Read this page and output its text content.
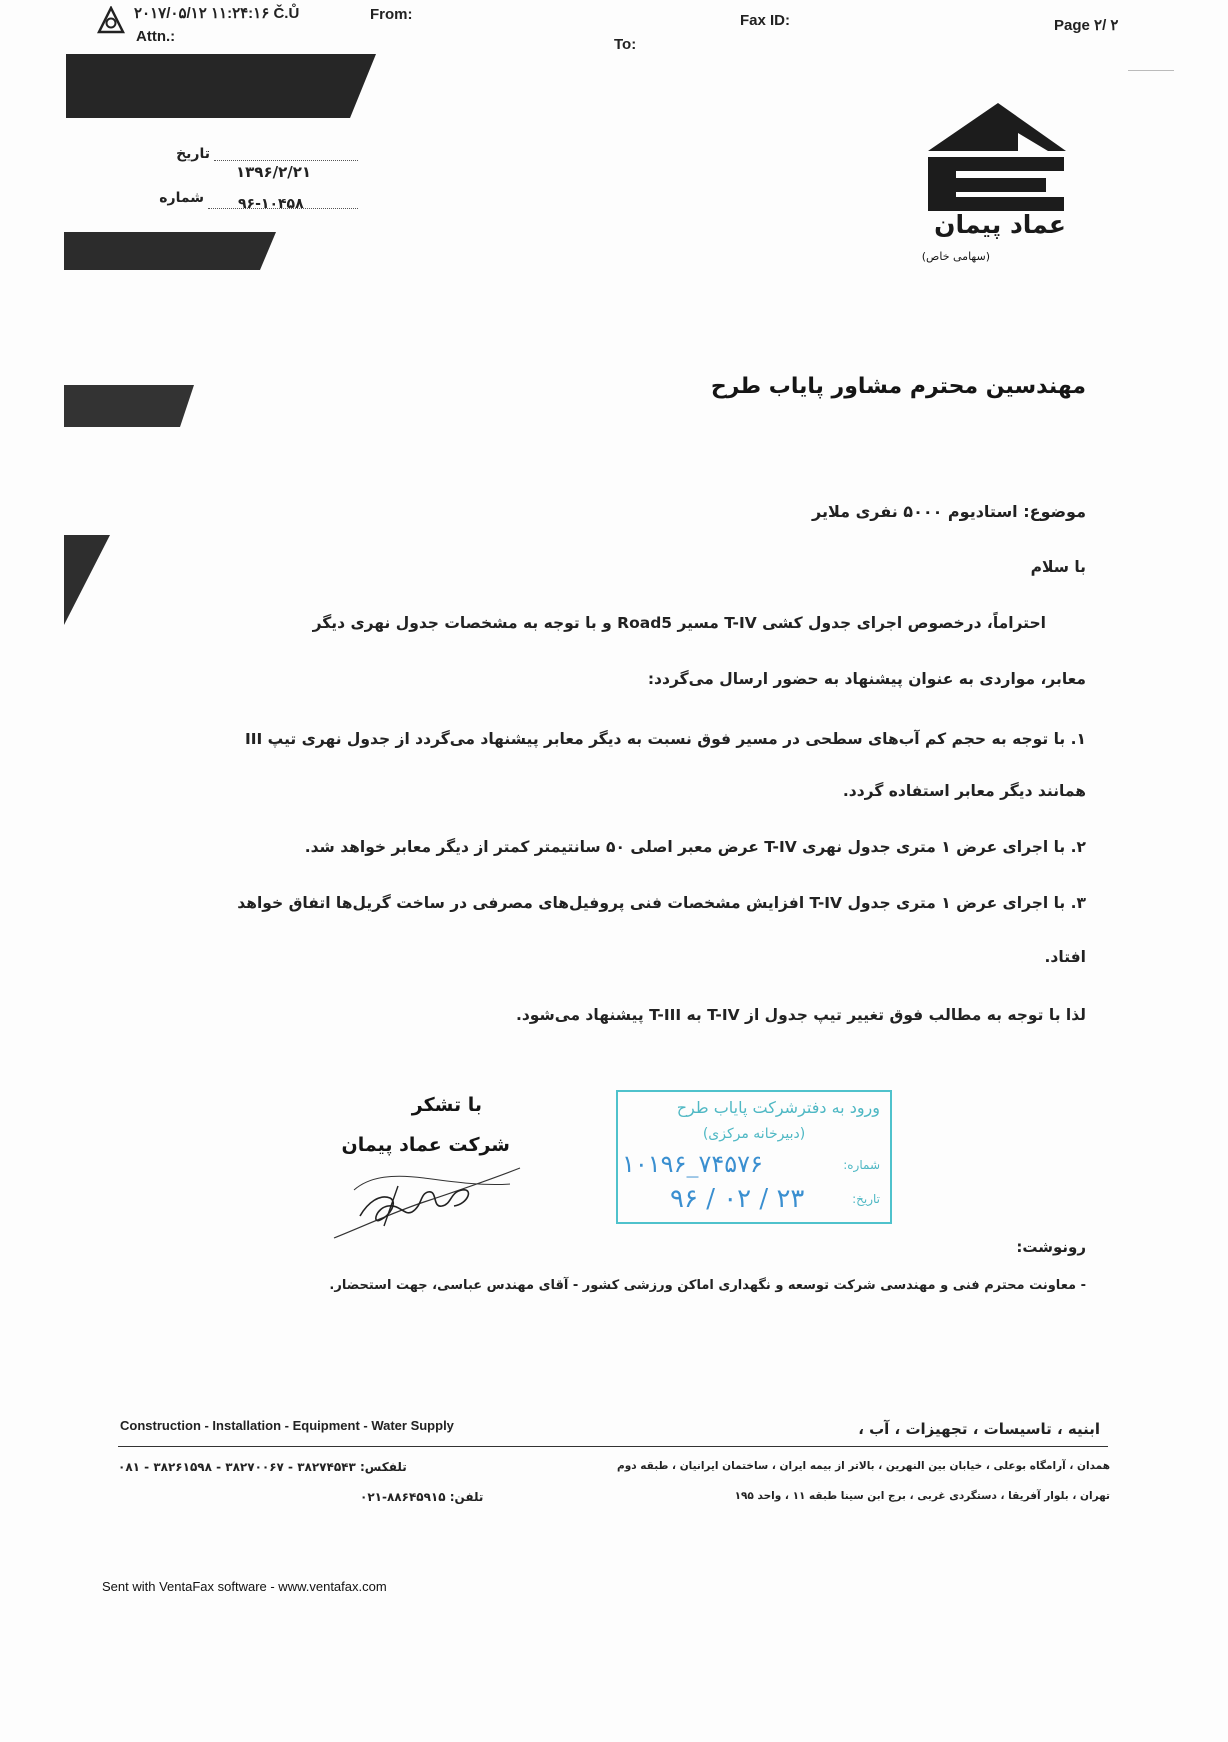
۲۰۱۷/۰۵/۱۲ ۱۱:۲۴:۱۶ Č.Ů	From:	Fax ID:	Page ۲/ ۲
Attn.:	To:
تاریخ
۱۳۹۶/۲/۲۱
شماره ۹۶-۱۰۴۵۸
عماد پیمان
(سهامی خاص)
مهندسین محترم مشاور پایاب طرح
موضوع: استادیوم ۵۰۰۰ نفری ملایر
با سلام
احتراماً، درخصوص اجرای جدول کشی T-IV مسیر Road5 و با توجه به مشخصات جدول نهری دیگر
معابر، مواردی به عنوان پیشنهاد به حضور ارسال می‌گردد:
۱. با توجه به حجم کم آب‌های سطحی در مسیر فوق نسبت به دیگر معابر پیشنهاد می‌گردد از جدول نهری تیپ III
همانند دیگر معابر استفاده گردد.
۲. با اجرای عرض ۱ متری جدول نهری T-IV عرض معبر اصلی ۵۰ سانتیمتر کمتر از دیگر معابر خواهد شد.
۳. با اجرای عرض ۱ متری جدول T-IV افزایش مشخصات فنی پروفیل‌های مصرفی در ساخت گریل‌ها اتفاق خواهد
افتاد.
لذا با توجه به مطالب فوق تغییر تیپ جدول از T-IV به T-III پیشنهاد می‌شود.
با تشکر
شرکت عماد پیمان
ورود به دفترشرکت پایاب طرح
(دبیرخانه مرکزی)
شماره:
۱۰۱۹۶_۷۴۵۷۶
تاریخ:
۹۶ / ۰۲ / ۲۳
رونوشت:
- معاونت محترم فنی و مهندسی شرکت توسعه و نگهداری اماکن ورزشی کشور - آقای مهندس عباسی، جهت استحضار.
Construction - Installation - Equipment - Water Supply	ابنیه ، تاسیسات ، تجهیزات ، آب ،
همدان ، آرامگاه بوعلی ، خیابان بین النهرین ، بالاتر از بیمه ایران ، ساختمان ایرانیان ، طبقه دوم
تلفکس: ۳۸۲۷۴۵۴۳ - ۳۸۲۷۰۰۶۷ - ۳۸۲۶۱۵۹۸ - ۰۸۱
تهران ، بلوار آفریقا ، دستگردی غربی ، برج ابن سینا طبقه ۱۱ ، واحد ۱۹۵
تلفن: ۸۸۶۴۵۹۱۵-۰۲۱
Sent with VentaFax software - www.ventafax.com
